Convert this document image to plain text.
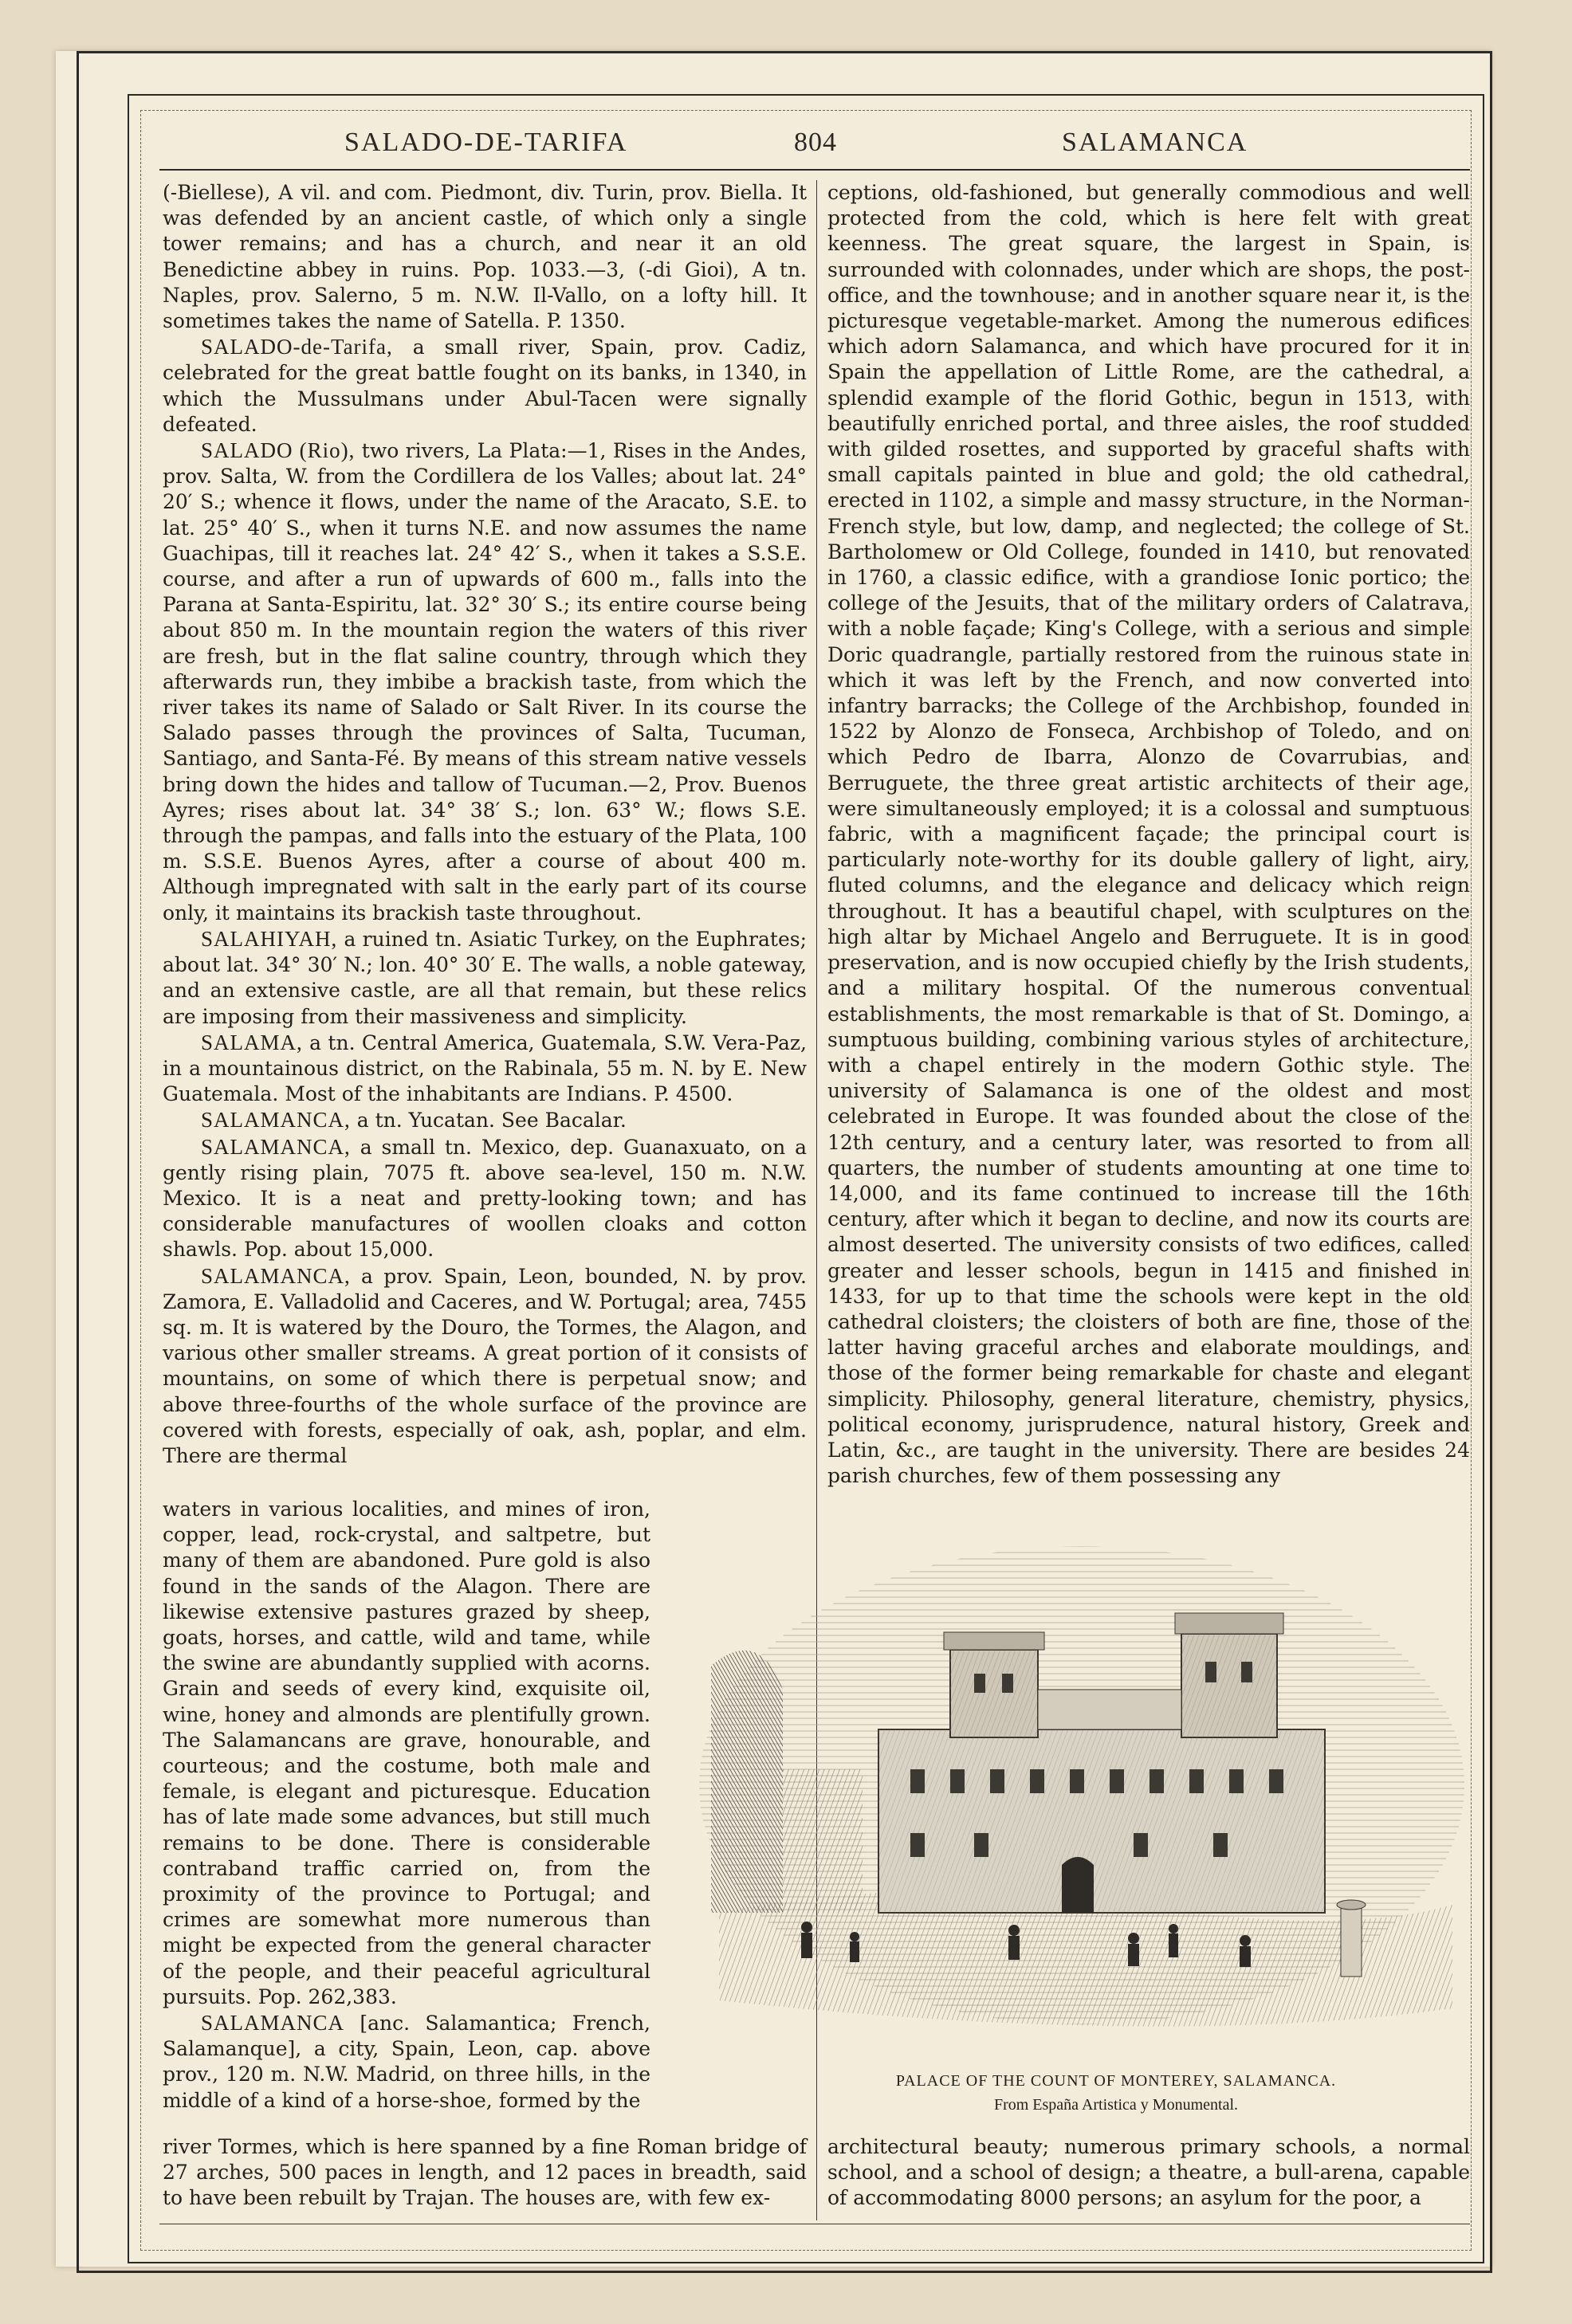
SALADO-DE-TARIFA	804	SALAMANCA

(-Biellese), A vil. and com. Piedmont, div. Turin, prov. Biella. It was defended by an ancient castle, of which only a single tower remains; and has a church, and near it an old Benedictine abbey in ruins. Pop. 1033.—3, (-di Gioi), A tn. Naples, prov. Salerno, 5 m. N.W. Il-Vallo, on a lofty hill. It sometimes takes the name of Satella. P. 1350.

SALADO-de-Tarifa, a small river, Spain, prov. Cadiz, celebrated for the great battle fought on its banks, in 1340, in which the Mussulmans under Abul-Tacen were signally defeated.

SALADO (Rio), two rivers, La Plata:—1, Rises in the Andes, prov. Salta, W. from the Cordillera de los Valles; about lat. 24° 20′ S.; whence it flows, under the name of the Aracato, S.E. to lat. 25° 40′ S., when it turns N.E. and now assumes the name Guachipas, till it reaches lat. 24° 42′ S., when it takes a S.S.E. course, and after a run of upwards of 600 m., falls into the Parana at Santa-Espiritu, lat. 32° 30′ S.; its entire course being about 850 m. In the mountain region the waters of this river are fresh, but in the flat saline country, through which they afterwards run, they imbibe a brackish taste, from which the river takes its name of Salado or Salt River. In its course the Salado passes through the provinces of Salta, Tucuman, Santiago, and Santa-Fé. By means of this stream native vessels bring down the hides and tallow of Tucuman.—2, Prov. Buenos Ayres; rises about lat. 34° 38′ S.; lon. 63° W.; flows S.E. through the pampas, and falls into the estuary of the Plata, 100 m. S.S.E. Buenos Ayres, after a course of about 400 m. Although impregnated with salt in the early part of its course only, it maintains its brackish taste throughout.

SALAHIYAH, a ruined tn. Asiatic Turkey, on the Euphrates; about lat. 34° 30′ N.; lon. 40° 30′ E. The walls, a noble gateway, and an extensive castle, are all that remain, but these relics are imposing from their massiveness and simplicity.

SALAMA, a tn. Central America, Guatemala, S.W. Vera-Paz, in a mountainous district, on the Rabinala, 55 m. N. by E. New Guatemala. Most of the inhabitants are Indians. P. 4500.

SALAMANCA, a tn. Yucatan. See Bacalar.

SALAMANCA, a small tn. Mexico, dep. Guanaxuato, on a gently rising plain, 7075 ft. above sea-level, 150 m. N.W. Mexico. It is a neat and pretty-looking town; and has considerable manufactures of woollen cloaks and cotton shawls. Pop. about 15,000.

SALAMANCA, a prov. Spain, Leon, bounded, N. by prov. Zamora, E. Valladolid and Caceres, and W. Portugal; area, 7455 sq. m. It is watered by the Douro, the Tormes, the Alagon, and various other smaller streams. A great portion of it consists of mountains, on some of which there is perpetual snow; and above three-fourths of the whole surface of the province are covered with forests, especially of oak, ash, poplar, and elm. There are thermal

waters in various localities, and mines of iron, copper, lead, rock-crystal, and saltpetre, but many of them are abandoned. Pure gold is also found in the sands of the Alagon. There are likewise extensive pastures grazed by sheep, goats, horses, and cattle, wild and tame, while the swine are abundantly supplied with acorns. Grain and seeds of every kind, exquisite oil, wine, honey and almonds are plentifully grown. The Salamancans are grave, honourable, and courteous; and the costume, both male and female, is elegant and picturesque. Education has of late made some advances, but still much remains to be done. There is considerable contraband traffic carried on, from the proximity of the province to Portugal; and crimes are somewhat more numerous than might be expected from the general character of the people, and their peaceful agricultural pursuits. Pop. 262,383.

SALAMANCA [anc. Salamantica; French, Salamanque], a city, Spain, Leon, cap. above prov., 120 m. N.W. Madrid, on three hills, in the middle of a kind of a horse-shoe, formed by the

river Tormes, which is here spanned by a fine Roman bridge of 27 arches, 500 paces in length, and 12 paces in breadth, said to have been rebuilt by Trajan. The houses are, with few ex-

ceptions, old-fashioned, but generally commodious and well protected from the cold, which is here felt with great keenness. The great square, the largest in Spain, is surrounded with colonnades, under which are shops, the post-office, and the townhouse; and in another square near it, is the picturesque vegetable-market. Among the numerous edifices which adorn Salamanca, and which have procured for it in Spain the appellation of Little Rome, are the cathedral, a splendid example of the florid Gothic, begun in 1513, with beautifully enriched portal, and three aisles, the roof studded with gilded rosettes, and supported by graceful shafts with small capitals painted in blue and gold; the old cathedral, erected in 1102, a simple and massy structure, in the Norman-French style, but low, damp, and neglected; the college of St. Bartholomew or Old College, founded in 1410, but renovated in 1760, a classic edifice, with a grandiose Ionic portico; the college of the Jesuits, that of the military orders of Calatrava, with a noble façade; King's College, with a serious and simple Doric quadrangle, partially restored from the ruinous state in which it was left by the French, and now converted into infantry barracks; the College of the Archbishop, founded in 1522 by Alonzo de Fonseca, Archbishop of Toledo, and on which Pedro de Ibarra, Alonzo de Covarrubias, and Berruguete, the three great artistic architects of their age, were simultaneously employed; it is a colossal and sumptuous fabric, with a magnificent façade; the principal court is particularly note-worthy for its double gallery of light, airy, fluted columns, and the elegance and delicacy which reign throughout. It has a beautiful chapel, with sculptures on the high altar by Michael Angelo and Berruguete. It is in good preservation, and is now occupied chiefly by the Irish students, and a military hospital. Of the numerous conventual establishments, the most remarkable is that of St. Domingo, a sumptuous building, combining various styles of architecture, with a chapel entirely in the modern Gothic style. The university of Salamanca is one of the oldest and most celebrated in Europe. It was founded about the close of the 12th century, and a century later, was resorted to from all quarters, the number of students amounting at one time to 14,000, and its fame continued to increase till the 16th century, after which it began to decline, and now its courts are almost deserted. The university consists of two edifices, called greater and lesser schools, begun in 1415 and finished in 1433, for up to that time the schools were kept in the old cathedral cloisters; the cloisters of both are fine, those of the latter having graceful arches and elaborate mouldings, and those of the former being remarkable for chaste and elegant simplicity. Philosophy, general literature, chemistry, physics, political economy, jurisprudence, natural history, Greek and Latin, &c., are taught in the university. There are besides 24 parish churches, few of them possessing any

architectural beauty; numerous primary schools, a normal school, and a school of design; a theatre, a bull-arena, capable of accommodating 8000 persons; an asylum for the poor, a

PALACE OF THE COUNT OF MONTEREY, SALAMANCA.
From España Artistica y Monumental.
